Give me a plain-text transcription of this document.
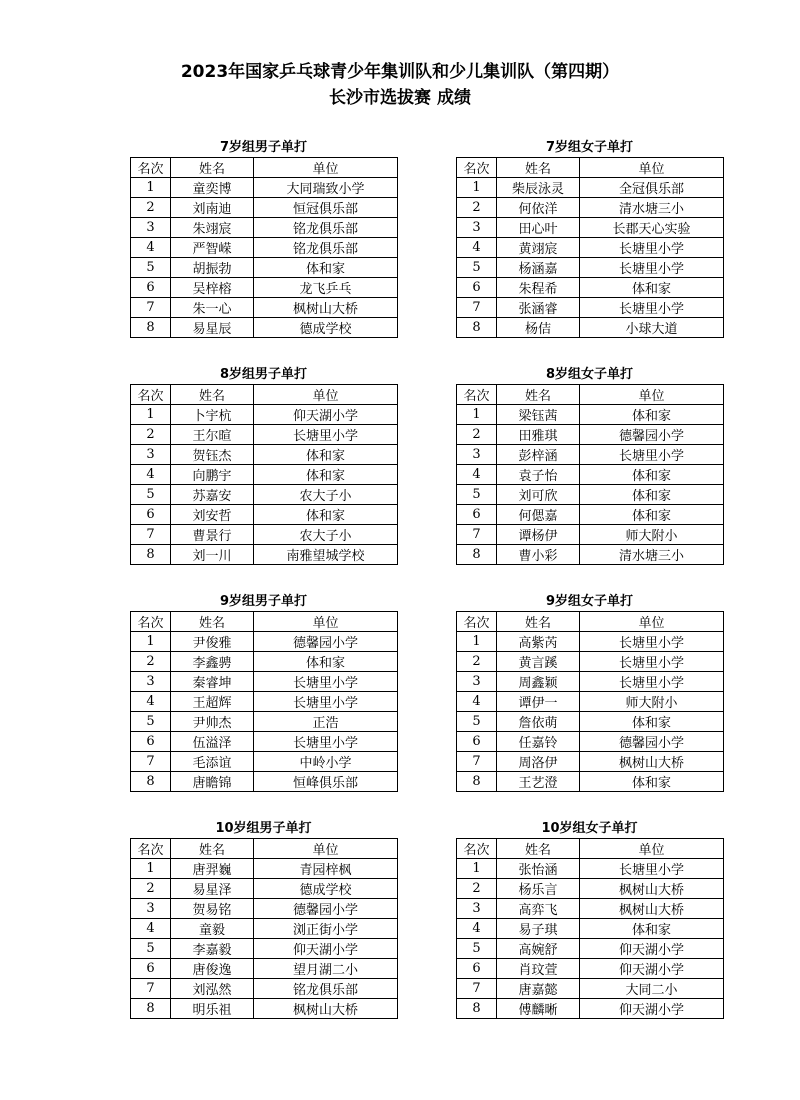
2023年国家乒乓球青少年集训队和少儿集训队（第四期）
长沙市选拔赛 成绩
7岁组男子单打
名次	姓名	单位
1	童奕博	大同瑞致小学
2	刘南迪	恒冠俱乐部
3	朱翊宸	铭龙俱乐部
4	严智嵘	铭龙俱乐部
5	胡振勃	体和家
6	吴梓榕	龙飞乒乓
7	朱一心	枫树山大桥
8	易星辰	德成学校
7岁组女子单打
名次	姓名	单位
1	柴辰泳灵	全冠俱乐部
2	何依洋	清水塘三小
3	田心叶	长郡天心实验
4	黄翊宸	长塘里小学
5	杨涵嘉	长塘里小学
6	朱程希	体和家
7	张涵睿	长塘里小学
8	杨佶	小球大道
8岁组男子单打
名次	姓名	单位
1	卜宇杭	仰天湖小学
2	王尔暄	长塘里小学
3	贺钰杰	体和家
4	向鹏宇	体和家
5	苏嘉安	农大子小
6	刘安哲	体和家
7	曹景行	农大子小
8	刘一川	南雅望城学校
8岁组女子单打
名次	姓名	单位
1	梁钰茜	体和家
2	田雅琪	德馨园小学
3	彭梓涵	长塘里小学
4	袁子怡	体和家
5	刘可欣	体和家
6	何偲嘉	体和家
7	谭杨伊	师大附小
8	曹小彩	清水塘三小
9岁组男子单打
名次	姓名	单位
1	尹俊雅	德馨园小学
2	李鑫骋	体和家
3	秦睿坤	长塘里小学
4	王超辉	长塘里小学
5	尹帅杰	正浩
6	伍溢泽	长塘里小学
7	毛添谊	中岭小学
8	唐瞻锦	恒峰俱乐部
9岁组女子单打
名次	姓名	单位
1	高紫芮	长塘里小学
2	黄言蹊	长塘里小学
3	周鑫颖	长塘里小学
4	谭伊一	师大附小
5	詹依萌	体和家
6	任嘉铃	德馨园小学
7	周洛伊	枫树山大桥
8	王艺澄	体和家
10岁组男子单打
名次	姓名	单位
1	唐羿巍	青园梓枫
2	易星泽	德成学校
3	贺易铭	德馨园小学
4	童毅	浏正街小学
5	李嘉毅	仰天湖小学
6	唐俊逸	望月湖二小
7	刘泓然	铭龙俱乐部
8	明乐祖	枫树山大桥
10岁组女子单打
名次	姓名	单位
1	张怡涵	长塘里小学
2	杨乐言	枫树山大桥
3	高弈飞	枫树山大桥
4	易子琪	体和家
5	高婉舒	仰天湖小学
6	肖玟萱	仰天湖小学
7	唐嘉懿	大同二小
8	傅麟晰	仰天湖小学
